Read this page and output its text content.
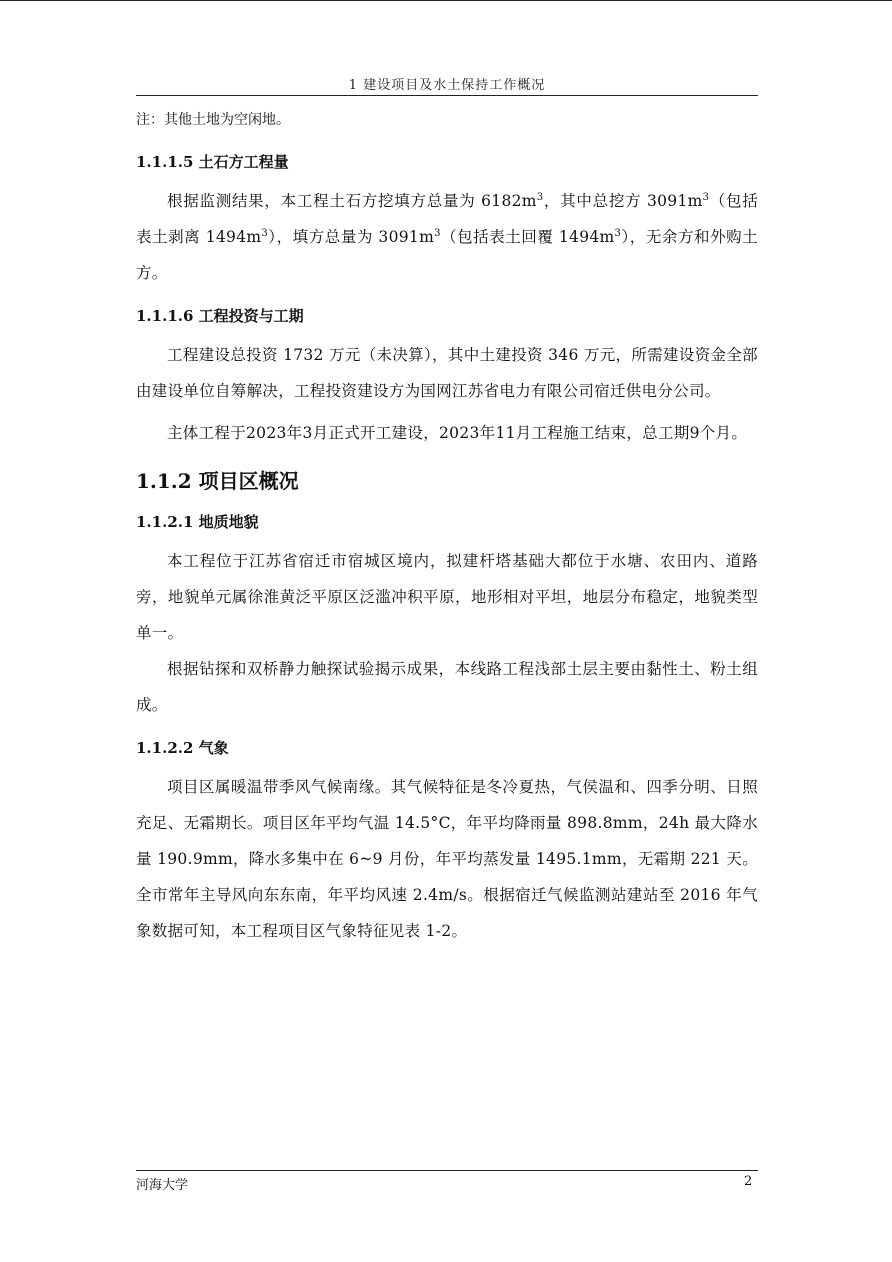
1 建设项目及水土保持工作概况
注：其他土地为空闲地。
1.1.1.5 土石方工程量

根据监测结果，本工程土石方挖填方总量为 $6182m^3$，其中总挖方 $3091m^3$（包括表土剥离 $1494m^3$），填方总量为 $3091m^3$（包括表土回覆 $1494m^3$），无余方和外购土方。

1.1.1.6 工程投资与工期

工程建设总投资 1732 万元（未决算），其中土建投资 346 万元，所需建设资金全部由建设单位自筹解决，工程投资建设方为国网江苏省电力有限公司宿迁供电分公司。

主体工程于2023年3月正式开工建设，2023年11月工程施工结束，总工期9个月。

1.1.2 项目区概况
1.1.2.1 地质地貌

本工程位于江苏省宿迁市宿城区境内，拟建杆塔基础大都位于水塘、农田内、道路旁，地貌单元属徐淮黄泛平原区泛滥冲积平原，地形相对平坦，地层分布稳定，地貌类型单一。

根据钻探和双桥静力触探试验揭示成果，本线路工程浅部土层主要由黏性土、粉土组成。

1.1.2.2 气象

项目区属暖温带季风气候南缘。其气候特征是冬冷夏热，气侯温和、四季分明、日照充足、无霜期长。项目区年平均气温 14.5°C，年平均降雨量 898.8mm，24h 最大降水量 190.9mm，降水多集中在 6~9 月份，年平均蒸发量 1495.1mm，无霜期 221 天。全市常年主导风向东东南，年平均风速 2.4m/s。根据宿迁气候监测站建站至 2016 年气象数据可知，本工程项目区气象特征见表 1-2。

河海大学	2
